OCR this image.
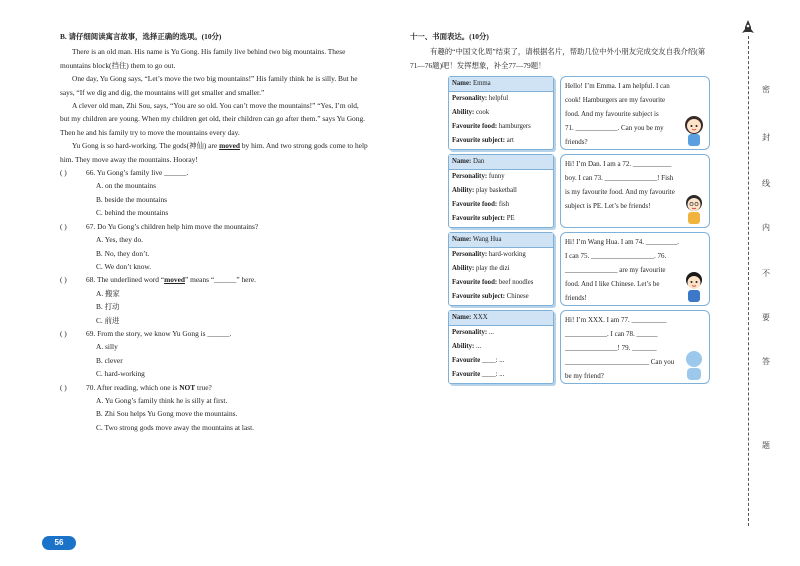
B. 请仔细阅读寓言故事，选择正确的选项。(10分)

There is an old man. His name is Yu Gong. His family live behind two big mountains. These mountains block(挡住) them to go out.

One day, Yu Gong says, “Let’s move the two big mountains!” His family think he is silly. But he says, “If we dig and dig, the mountains will get smaller and smaller.”

A clever old man, Zhi Sou, says, “You are so old. You can’t move the mountains!” “Yes, I’m old, but my children are young. When my children get old, their children can go after them.” says Yu Gong. Then he and his family try to move the mountains every day.

Yu Gong is so hard-working. The gods(神仙) are moved by him. And two strong gods come to help him. They move away the mountains. Hooray!

( )	66. Yu Gong’s family live ______.
A. on the mountains
B. beside the mountains
C. behind the mountains
( )	67. Do Yu Gong’s children help him move the mountains?
A. Yes, they do.
B. No, they don’t.
C. We don’t know.
( )	68. The underlined word “moved” means “______” here.
A. 搬家
B. 打动
C. 前进
( )	69. From the story, we know Yu Gong is ______.
A. silly
B. clever
C. hard-working
( )	70. After reading, which one is NOT true?
A. Yu Gong’s family think he is silly at first.
B. Zhi Sou helps Yu Gong move the mountains.
C. Two strong gods move away the mountains at last.
56
十一、书面表达。(10分)
有趣的“中国文化周”结束了，请根据名片，帮助几位中外小朋友完成交友自我介绍(第71—76题)吧！发挥想象，补全77—79题！
Name: Emma
Personality: helpful
Ability: cook
Favourite food: hamburgers
Favourite subject: art
Hello! I’m Emma. I am helpful. I can cook! Hamburgers are my favourite food. And my favourite subject is
71. ____________. Can you be my friends?
Name: Dan
Personality: funny
Ability: play basketball
Favourite food: fish
Favourite subject: PE
Hi! I’m Dan. I am a 72. ___________ boy. I can 73. _______________! Fish is my favourite food. And my favourite subject is PE. Let’s be friends!
Name: Wang Hua
Personality: hard-working
Ability: play the dizi
Favourite food: beef noodles
Favourite subject: Chinese
Hi! I’m Wang Hua. I am 74. _________. I can 75. __________________. 76. _______________ are my favourite food. And I like Chinese. Let’s be friends!
Name: XXX
Personality: ...
Ability: ...
Favourite ____: ...
Favourite ____: ...
Hi! I’m XXX. I am 77. __________ ____________. I can 78. ______ _______________! 79. _______ ________________________ Can you be my friend?
密
封
线
内
不
要
答
题
